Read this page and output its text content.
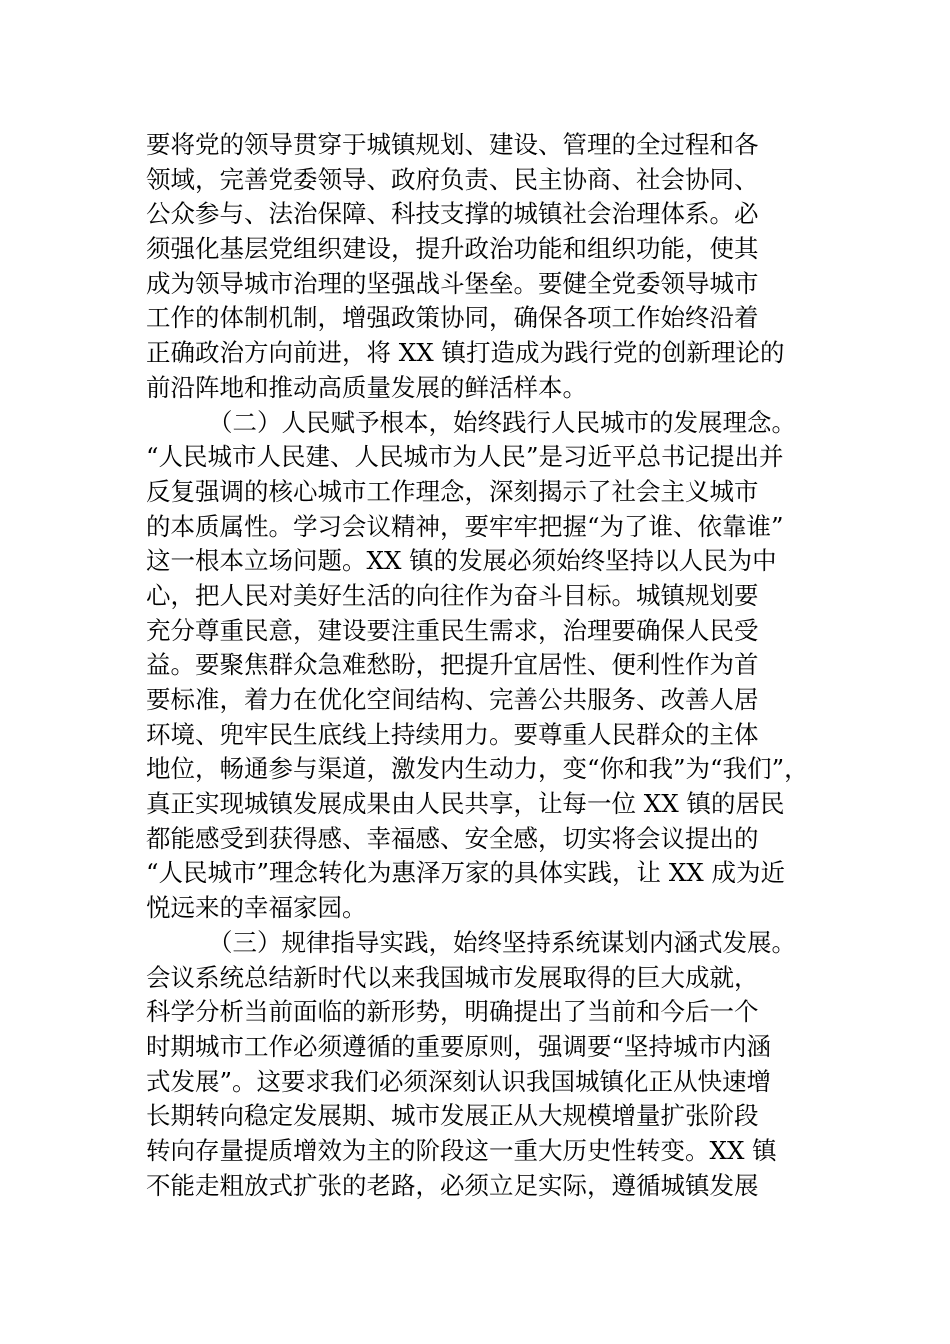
要将党的领导贯穿于城镇规划、建设、管理的全过程和各
领域，完善党委领导、政府负责、民主协商、社会协同、
公众参与、法治保障、科技支撑的城镇社会治理体系。必
须强化基层党组织建设，提升政治功能和组织功能，使其
成为领导城市治理的坚强战斗堡垒。要健全党委领导城市
工作的体制机制，增强政策协同，确保各项工作始终沿着
正确政治方向前进，将 XX 镇打造成为践行党的创新理论的
前沿阵地和推动高质量发展的鲜活样本。
（二）人民赋予根本，始终践行人民城市的发展理念。
“人民城市人民建、人民城市为人民”是习近平总书记提出并
反复强调的核心城市工作理念，深刻揭示了社会主义城市
的本质属性。学习会议精神，要牢牢把握“为了谁、依靠谁”
这一根本立场问题。XX 镇的发展必须始终坚持以人民为中
心，把人民对美好生活的向往作为奋斗目标。城镇规划要
充分尊重民意，建设要注重民生需求，治理要确保人民受
益。要聚焦群众急难愁盼，把提升宜居性、便利性作为首
要标准，着力在优化空间结构、完善公共服务、改善人居
环境、兜牢民生底线上持续用力。要尊重人民群众的主体
地位，畅通参与渠道，激发内生动力，变“你和我”为“我们”，
真正实现城镇发展成果由人民共享，让每一位 XX 镇的居民
都能感受到获得感、幸福感、安全感，切实将会议提出的
“人民城市”理念转化为惠泽万家的具体实践，让 XX 成为近
悦远来的幸福家园。
（三）规律指导实践，始终坚持系统谋划内涵式发展。
会议系统总结新时代以来我国城市发展取得的巨大成就，
科学分析当前面临的新形势，明确提出了当前和今后一个
时期城市工作必须遵循的重要原则，强调要“坚持城市内涵
式发展”。这要求我们必须深刻认识我国城镇化正从快速增
长期转向稳定发展期、城市发展正从大规模增量扩张阶段
转向存量提质增效为主的阶段这一重大历史性转变。XX 镇
不能走粗放式扩张的老路，必须立足实际，遵循城镇发展
